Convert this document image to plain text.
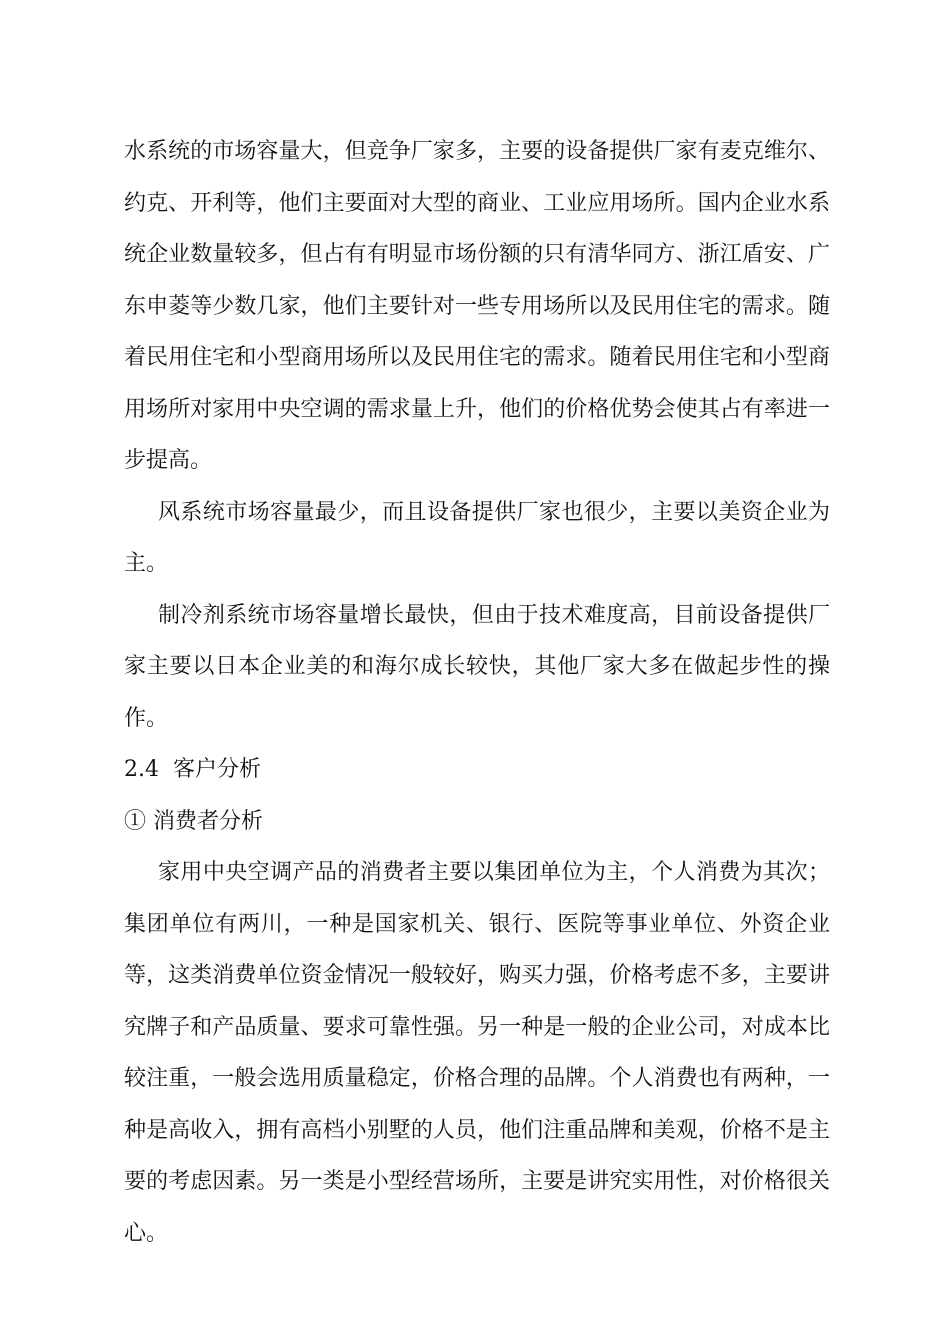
水系统的市场容量大，但竞争厂家多，主要的设备提供厂家有麦克维尔、约克、开利等，他们主要面对大型的商业、工业应用场所。国内企业水系统企业数量较多，但占有有明显市场份额的只有清华同方、浙江盾安、广东申菱等少数几家，他们主要针对一些专用场所以及民用住宅的需求。随着民用住宅和小型商用场所以及民用住宅的需求。随着民用住宅和小型商用场所对家用中央空调的需求量上升，他们的价格优势会使其占有率进一步提高。

风系统市场容量最少，而且设备提供厂家也很少，主要以美资企业为主。

制冷剂系统市场容量增长最快，但由于技术难度高，目前设备提供厂家主要以日本企业美的和海尔成长较快，其他厂家大多在做起步性的操作。

2.4  客户分析

① 消费者分析

家用中央空调产品的消费者主要以集团单位为主，个人消费为其次；集团单位有两川，一种是国家机关、银行、医院等事业单位、外资企业等，这类消费单位资金情况一般较好，购买力强，价格考虑不多，主要讲究牌子和产品质量、要求可靠性强。另一种是一般的企业公司，对成本比较注重，一般会选用质量稳定，价格合理的品牌。个人消费也有两种，一种是高收入，拥有高档小别墅的人员，他们注重品牌和美观，价格不是主要的考虑因素。另一类是小型经营场所，主要是讲究实用性，对价格很关心。
